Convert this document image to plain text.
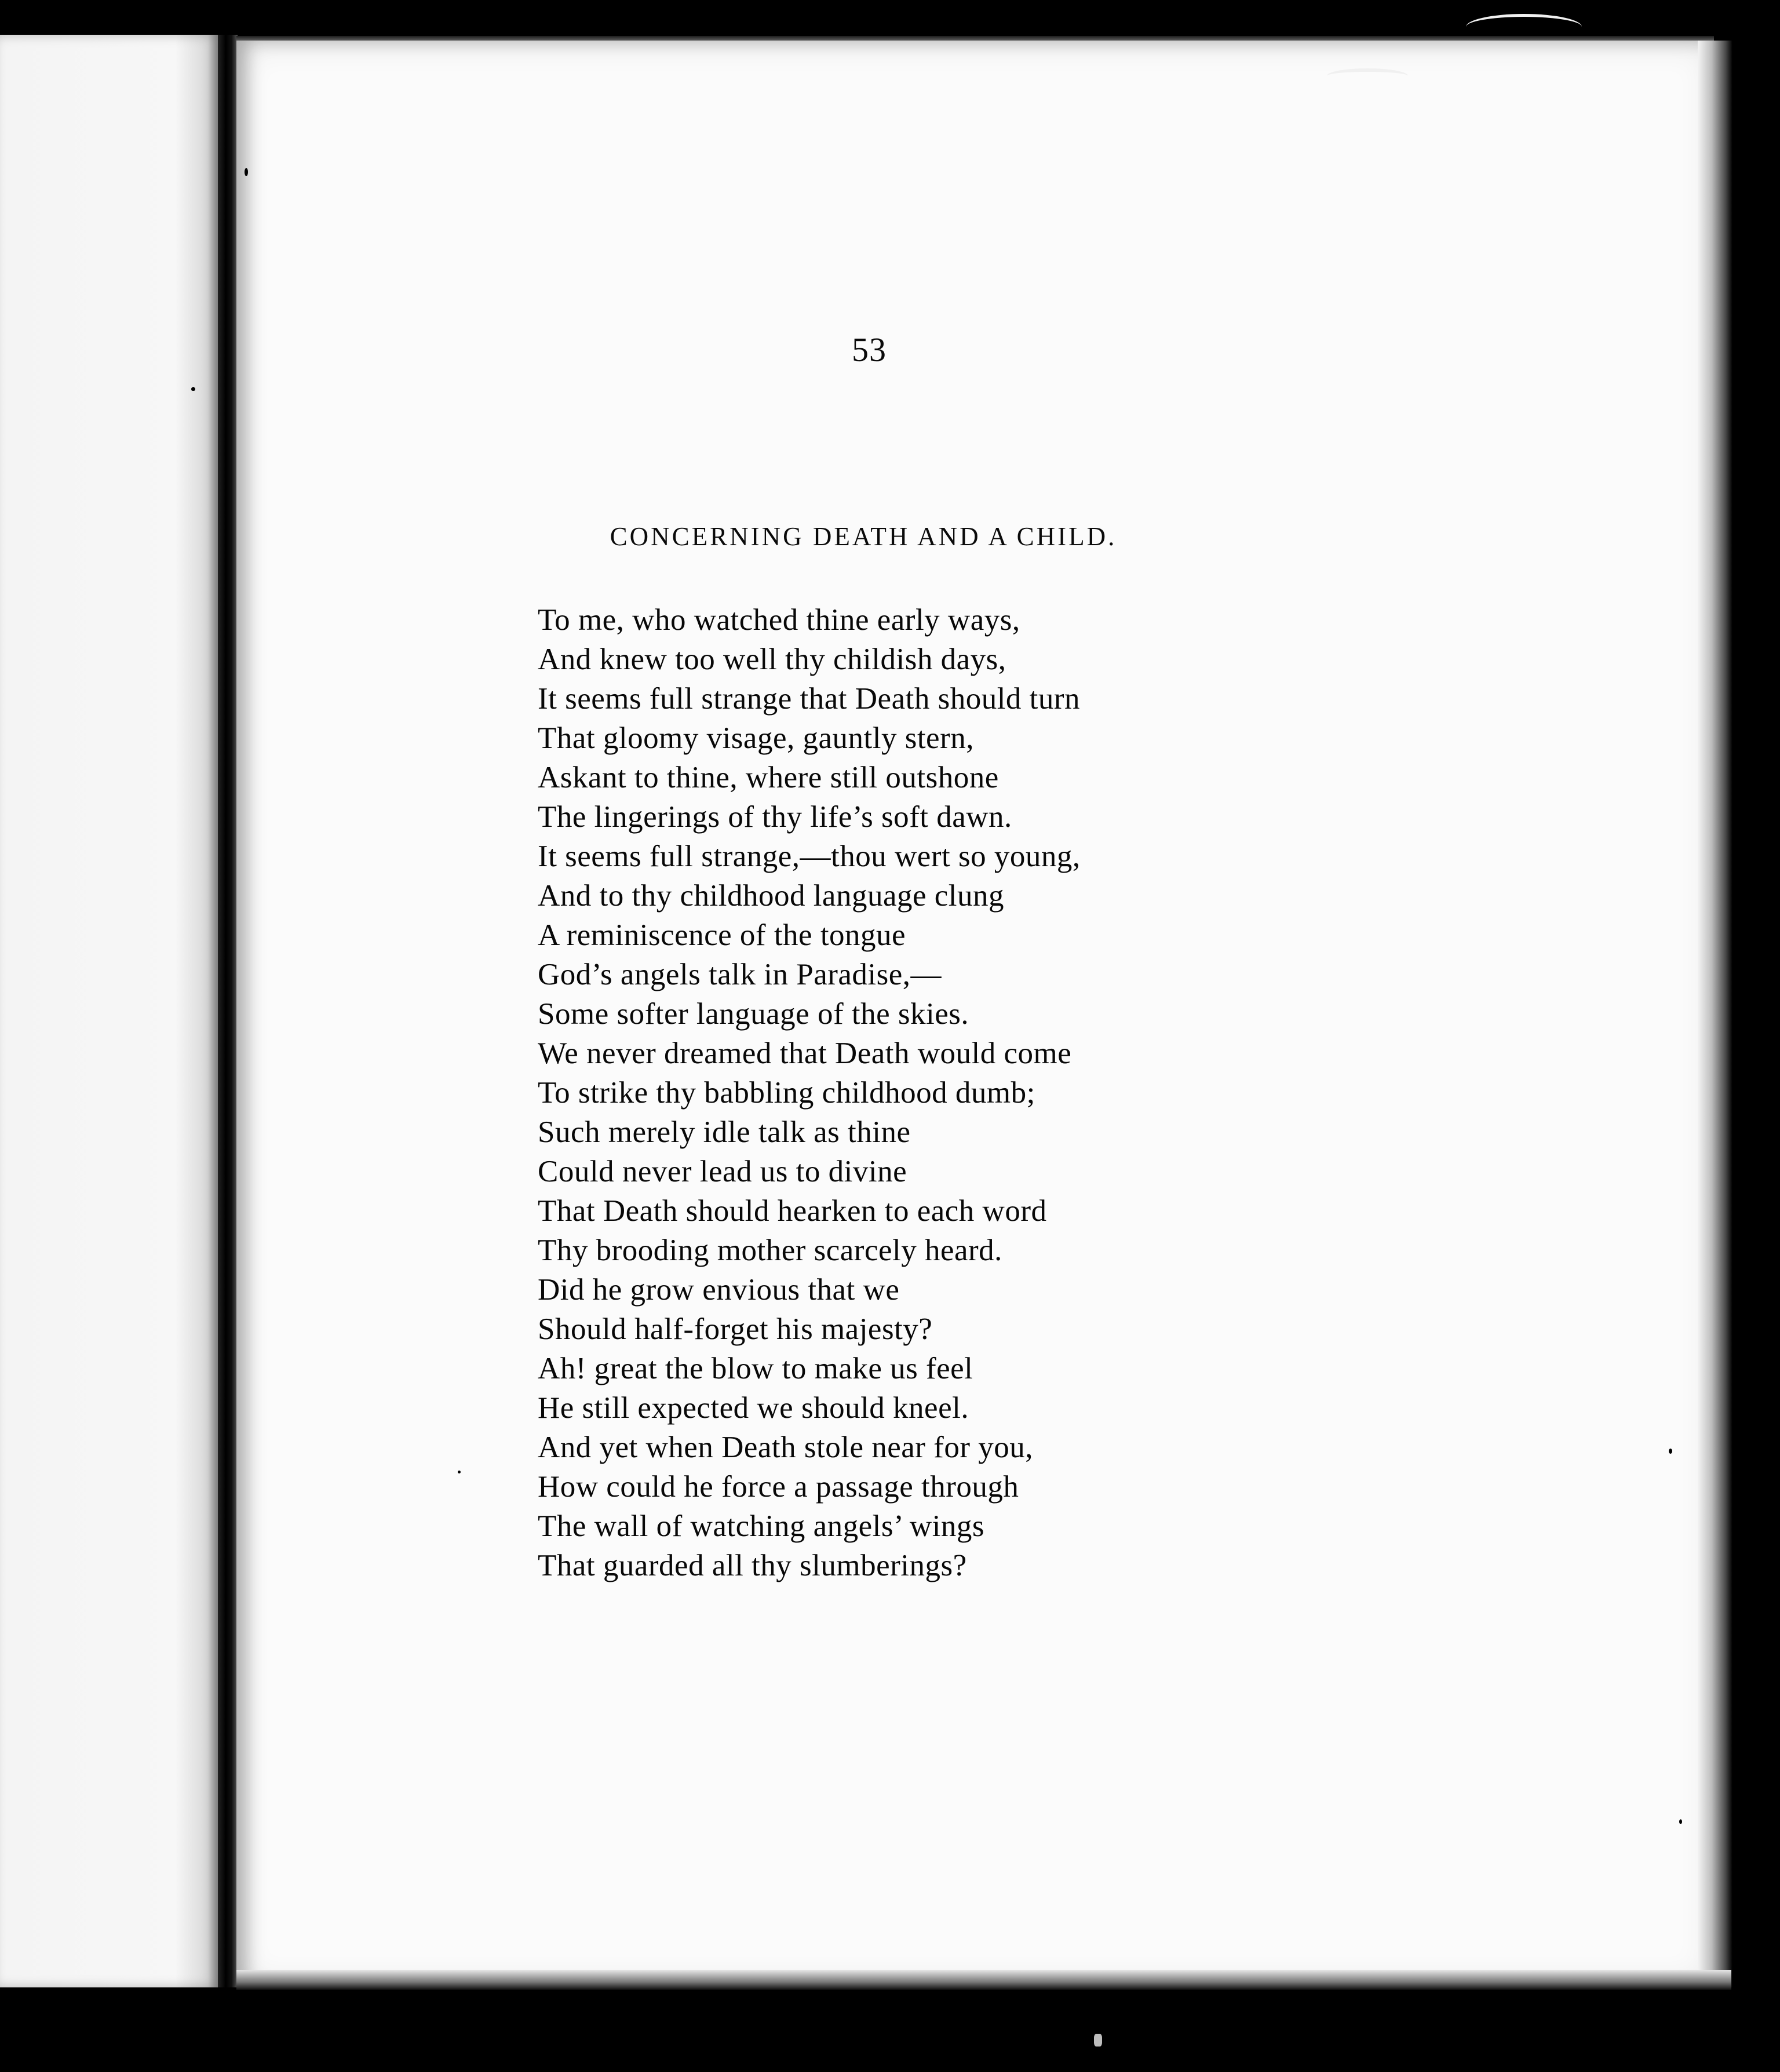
53
CONCERNING DEATH AND A CHILD.
To me, who watched thine early ways,
And knew too well thy childish days,
It seems full strange that Death should turn
That gloomy visage, gauntly stern,
Askant to thine, where still outshone
The lingerings of thy life’s soft dawn.
It seems full strange,—thou wert so young,
And to thy childhood language clung
A reminiscence of the tongue
God’s angels talk in Paradise,—
Some softer language of the skies.
We never dreamed that Death would come
To strike thy babbling childhood dumb;
Such merely idle talk as thine
Could never lead us to divine
That Death should hearken to each word
Thy brooding mother scarcely heard.
Did he grow envious that we
Should half-forget his majesty?
Ah! great the blow to make us feel
He still expected we should kneel.
And yet when Death stole near for you,
How could he force a passage through
The wall of watching angels’ wings
That guarded all thy slumberings?
